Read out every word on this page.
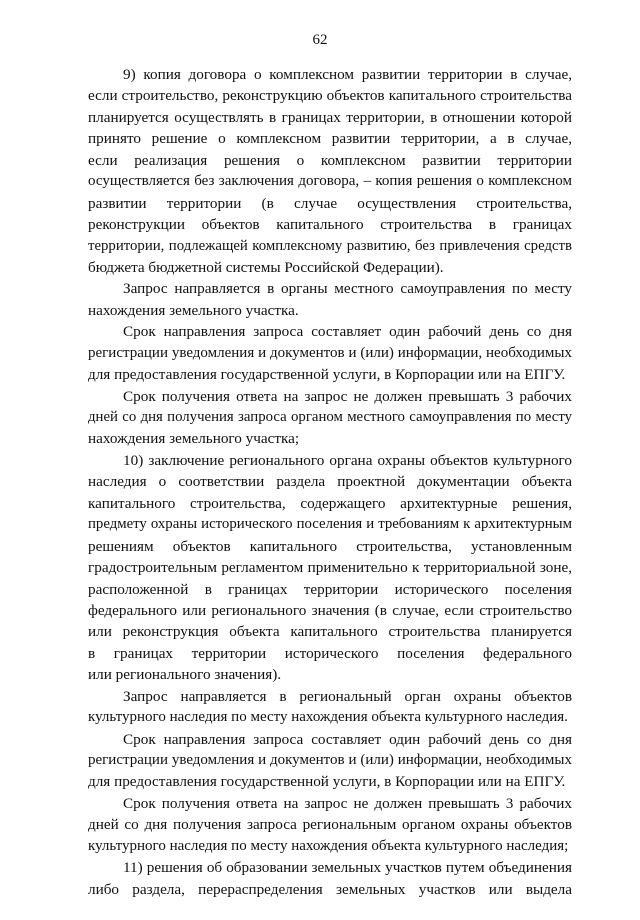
62
9) копия договора о комплексном развитии территории в случае,
если строительство, реконструкцию объектов капитального строительства
планируется осуществлять в границах территории, в отношении которой
принято решение о комплексном развитии территории, а в случае,
если реализация решения о комплексном развитии территории
осуществляется без заключения договора, – копия решения о комплексном
развитии территории (в случае осуществления строительства,
реконструкции объектов капитального строительства в границах
территории, подлежащей комплексному развитию, без привлечения средств
бюджета бюджетной системы Российской Федерации).
Запрос направляется в органы местного самоуправления по месту
нахождения земельного участка.
Срок направления запроса составляет один рабочий день со дня
регистрации уведомления и документов и (или) информации, необходимых
для предоставления государственной услуги, в Корпорации или на ЕПГУ.
Срок получения ответа на запрос не должен превышать 3 рабочих
дней со дня получения запроса органом местного самоуправления по месту
нахождения земельного участка;
10) заключение регионального органа охраны объектов культурного
наследия о соответствии раздела проектной документации объекта
капитального строительства, содержащего архитектурные решения,
предмету охраны исторического поселения и требованиям к архитектурным
решениям объектов капитального строительства, установленным
градостроительным регламентом применительно к территориальной зоне,
расположенной в границах территории исторического поселения
федерального или регионального значения (в случае, если строительство
или реконструкция объекта капитального строительства планируется
в границах территории исторического поселения федерального
или регионального значения).
Запрос направляется в региональный орган охраны объектов
культурного наследия по месту нахождения объекта культурного наследия.
Срок направления запроса составляет один рабочий день со дня
регистрации уведомления и документов и (или) информации, необходимых
для предоставления государственной услуги, в Корпорации или на ЕПГУ.
Срок получения ответа на запрос не должен превышать 3 рабочих
дней со дня получения запроса региональным органом охраны объектов
культурного наследия по месту нахождения объекта культурного наследия;
11) решения об образовании земельных участков путем объединения
либо раздела, перераспределения земельных участков или выдела
